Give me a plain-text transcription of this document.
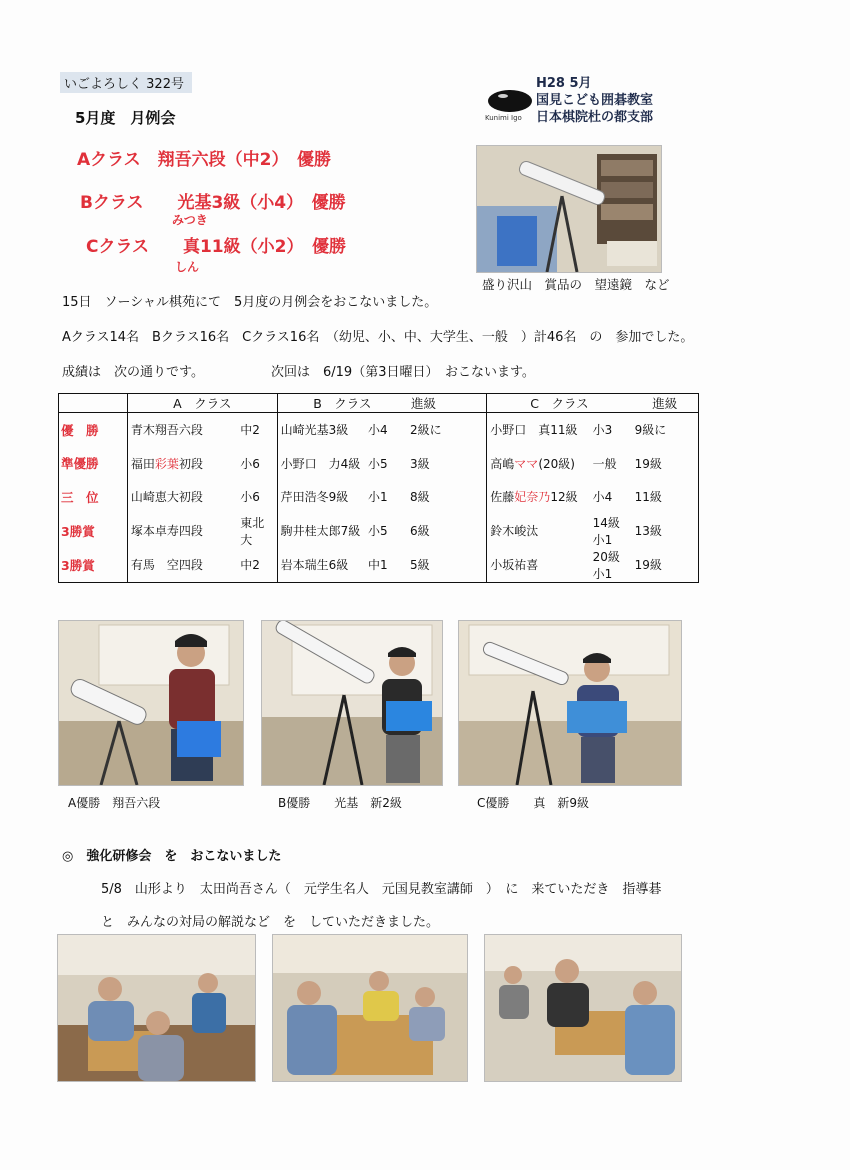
いごよろしく 322号
5月度　月例会	Kunimi Igo
H28 5月
国見こども囲碁教室
日本棋院杜の都支部
Aクラス　翔吾六段（中2）　優勝
Bクラス　　光基3級（小4）　優勝
みつき
Cクラス　　真11級（小2）　優勝
しん
盛り沢山　賞品の　望遠鏡　など
15日　ソーシャル棋苑にて　5月度の月例会をおこないました。
Aクラス14名　Bクラス16名　Cクラス16名　（幼児、小、中、大学生、一般　）計46名　の　参加でした。
成績は　次の通りです。	次回は　6/19（第3日曜日）　おこないます。
	A　クラス		B　クラス		進級	C　クラス		進級
優　勝	青木翔吾六段	中2	山崎光基3級	小4	2級に	小野口　真11級	小3	9級に
準優勝	福田彩葉初段	小6	小野口　力4級	小5	3級	高嶋ママ(20級)	一般	19級
三　位	山崎恵大初段	小6	芹田浩冬9級	小1	8級	佐藤妃奈乃12級	小4	11級
3勝賞	塚本卓寿四段	東北大	駒井桂太郎7級	小5	6級	鈴木峻汰	14級　小1	13級
3勝賞	有馬　空四段	中2	岩本瑞生6級	中1	5級	小坂祐喜	20級　小1	19級
A優勝　翔吾六段	B優勝　　光基　新2級	C優勝　　真　新9級
◎　強化研修会　を　おこないました
5/8　山形より　太田尚吾さん（　元学生名人　元国見教室講師　）　に　来ていただき　指導碁
と　みんなの対局の解説など　を　していただきました。
